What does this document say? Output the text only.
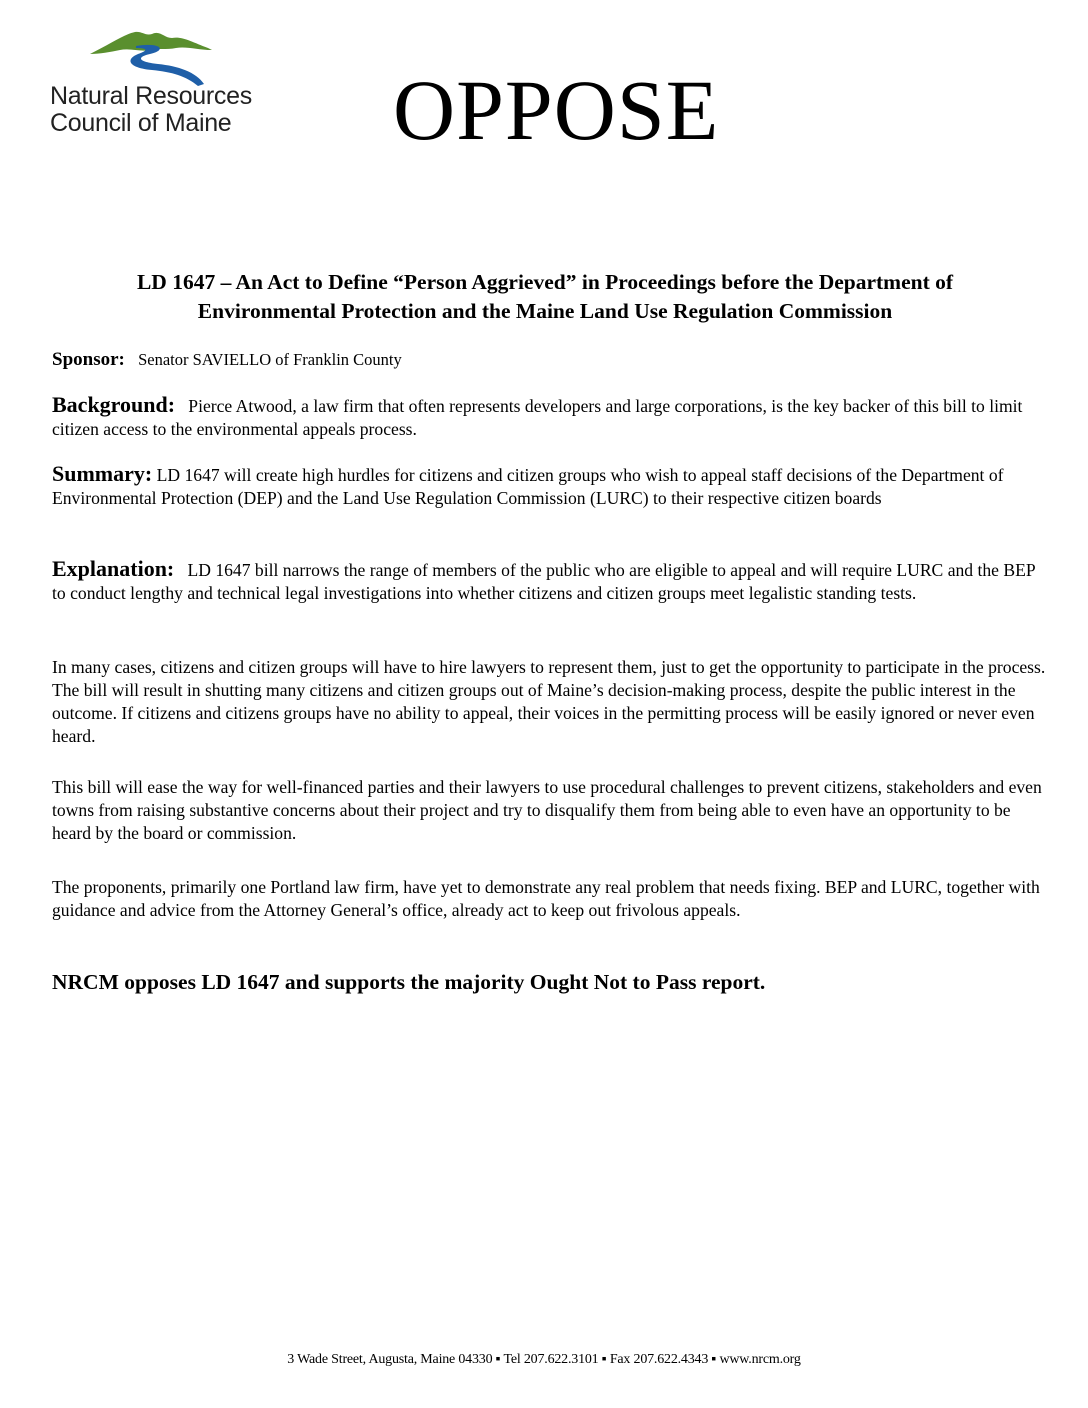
Natural Resources
Council of Maine OPPOSE
LD 1647 – An Act to Define “Person Aggrieved” in Proceedings before the Department of
Environmental Protection and the Maine Land Use Regulation Commission
Sponsor: Senator SAVIELLO of Franklin County
Background: Pierce Atwood, a law firm that often represents developers and large corporations, is the key backer of this bill to limit citizen access to the environmental appeals process.
Summary: LD 1647 will create high hurdles for citizens and citizen groups who wish to appeal staff decisions of the Department of Environmental Protection (DEP) and the Land Use Regulation Commission (LURC) to their respective citizen boards
Explanation: LD 1647 bill narrows the range of members of the public who are eligible to appeal and will require LURC and the BEP to conduct lengthy and technical legal investigations into whether citizens and citizen groups meet legalistic standing tests.
In many cases, citizens and citizen groups will have to hire lawyers to represent them, just to get the opportunity to participate in the process. The bill will result in shutting many citizens and citizen groups out of Maine’s decision-making process, despite the public interest in the outcome. If citizens and citizens groups have no ability to appeal, their voices in the permitting process will be easily ignored or never even heard.
This bill will ease the way for well-financed parties and their lawyers to use procedural challenges to prevent citizens, stakeholders and even towns from raising substantive concerns about their project and try to disqualify them from being able to even have an opportunity to be heard by the board or commission.
The proponents, primarily one Portland law firm, have yet to demonstrate any real problem that needs fixing. BEP and LURC, together with guidance and advice from the Attorney General’s office, already act to keep out frivolous appeals.
NRCM opposes LD 1647 and supports the majority Ought Not to Pass report.
3 Wade Street, Augusta, Maine 04330 ▪ Tel 207.622.3101 ▪ Fax 207.622.4343 ▪ www.nrcm.org
